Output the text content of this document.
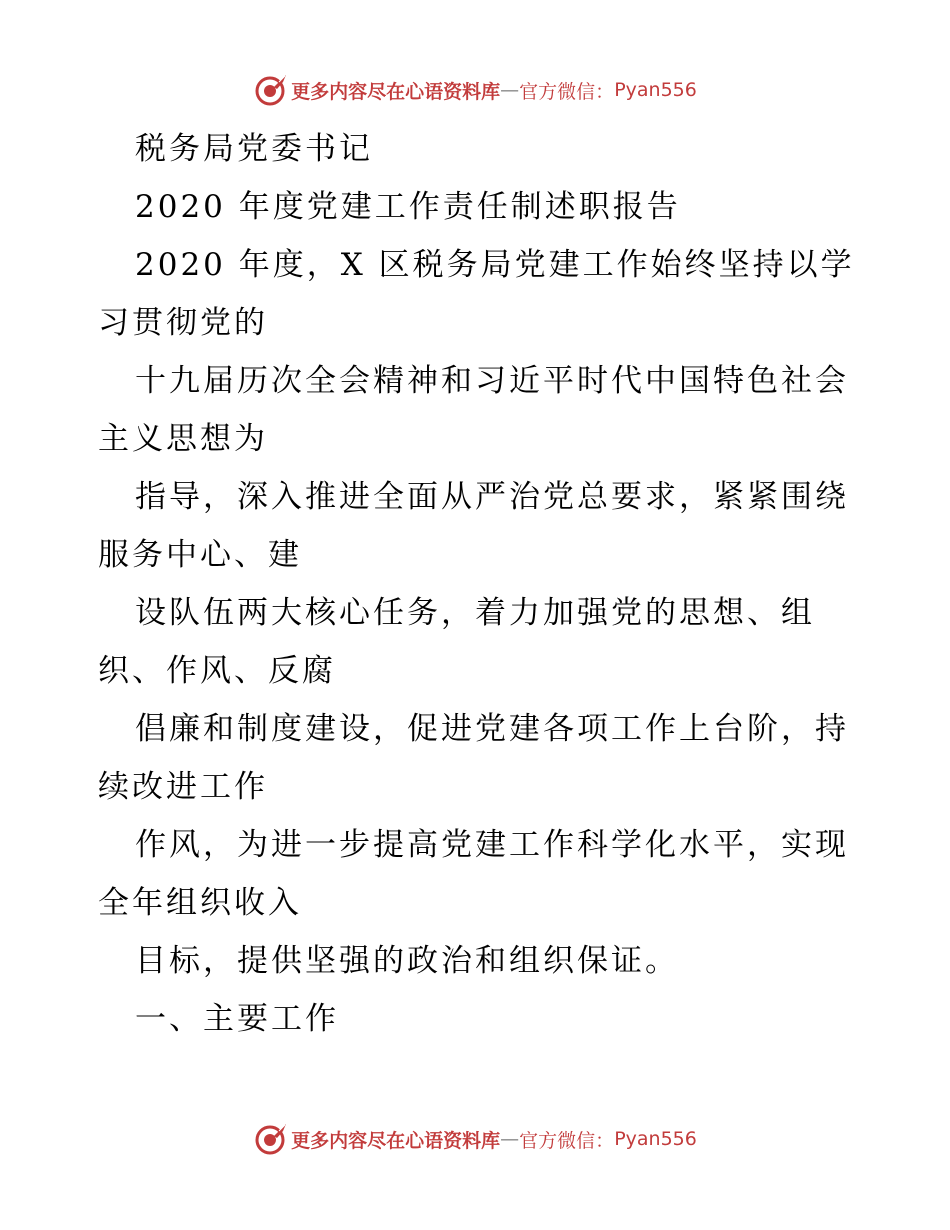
更多内容尽在心语资料库 — 官方微信： Pyan556
税务局党委书记
2020 年度党建工作责任制述职报告
2020 年度，X 区税务局党建工作始终坚持以学
习贯彻党的
十九届历次全会精神和习近平时代中国特色社会
主义思想为
指导，深入推进全面从严治党总要求，紧紧围绕
服务中心、建
设队伍两大核心任务，着力加强党的思想、组
织、作风、反腐
倡廉和制度建设，促进党建各项工作上台阶，持
续改进工作
作风，为进一步提高党建工作科学化水平，实现
全年组织收入
目标，提供坚强的政治和组织保证。
一、主要工作
更多内容尽在心语资料库 — 官方微信： Pyan556
